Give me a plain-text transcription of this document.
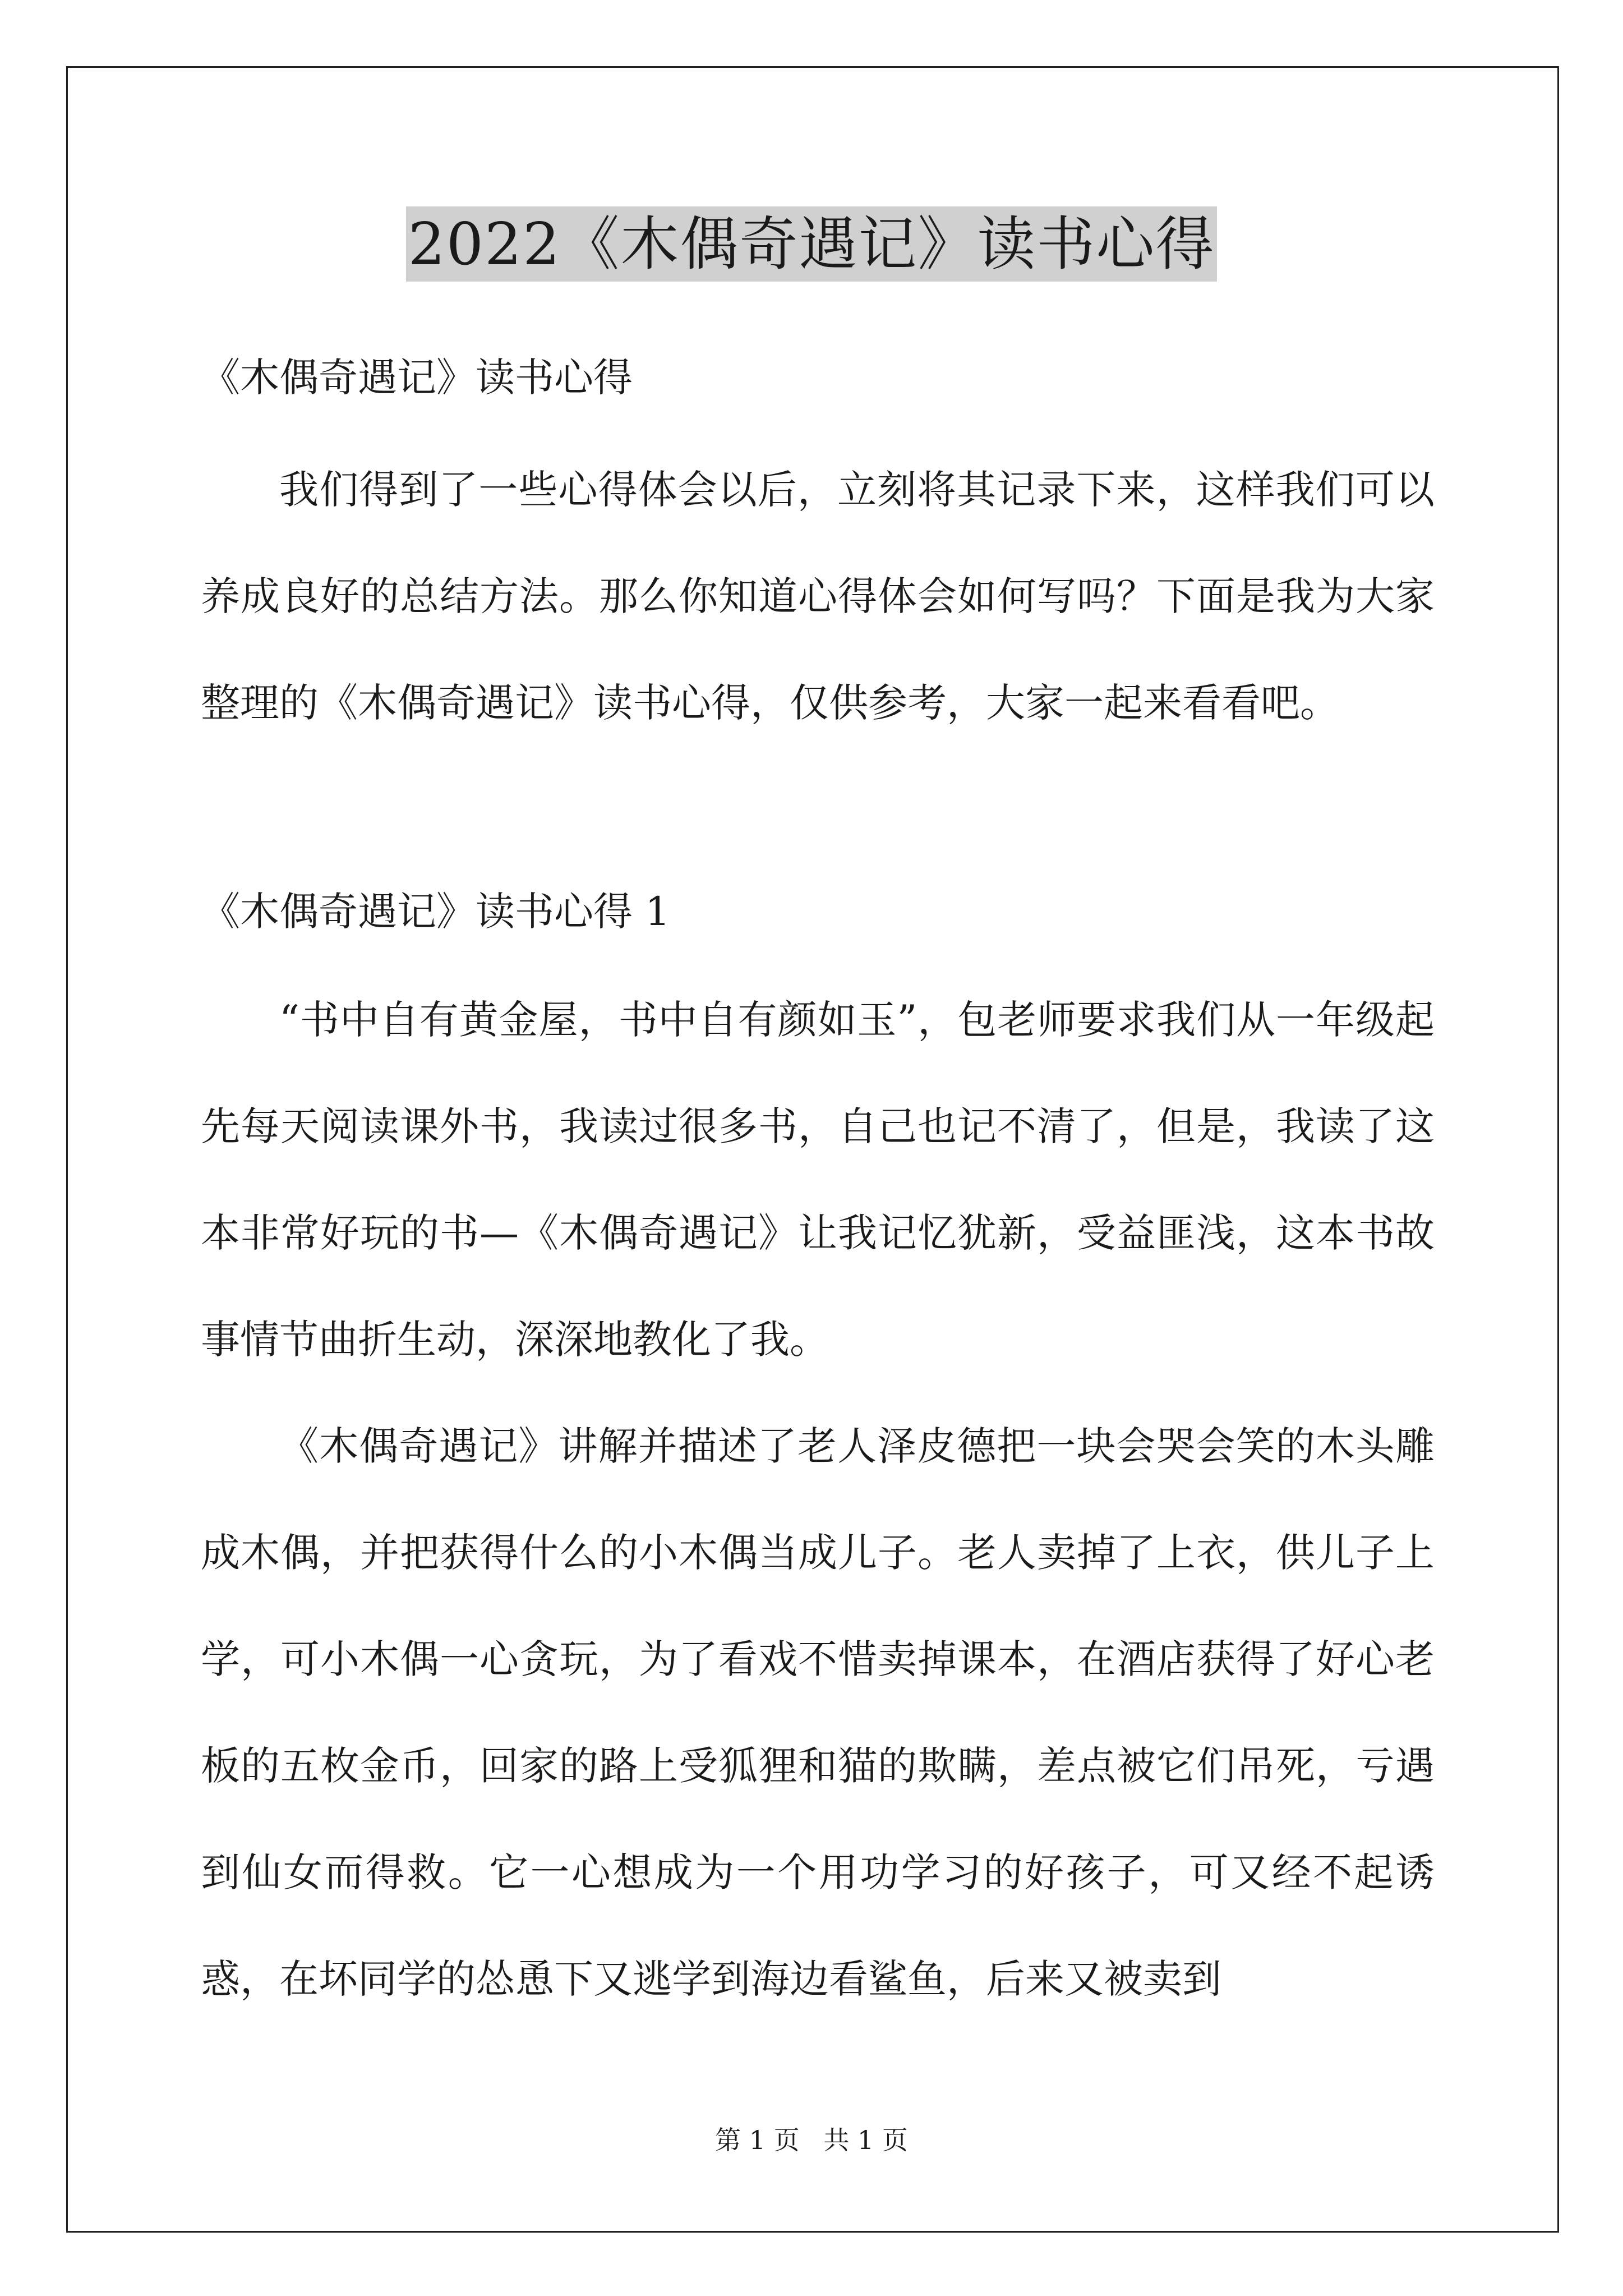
2022《木偶奇遇记》读书心得
《木偶奇遇记》读书心得

我们得到了一些心得体会以后，立刻将其记录下来，这样我们可以养成良好的总结方法。那么你知道心得体会如何写吗？下面是我为大家整理的《木偶奇遇记》读书心得，仅供参考，大家一起来看看吧。

《木偶奇遇记》读书心得 1

“书中自有黄金屋，书中自有颜如玉”，包老师要求我们从一年级起先每天阅读课外书，我读过很多书，自己也记不清了，但是，我读了这本非常好玩的书—《木偶奇遇记》让我记忆犹新，受益匪浅，这本书故事情节曲折生动，深深地教化了我。

《木偶奇遇记》讲解并描述了老人泽皮德把一块会哭会笑的木头雕成木偶，并把获得什么的小木偶当成儿子。老人卖掉了上衣，供儿子上学，可小木偶一心贪玩，为了看戏不惜卖掉课本，在酒店获得了好心老板的五枚金币，回家的路上受狐狸和猫的欺瞒，差点被它们吊死，亏遇到仙女而得救。它一心想成为一个用功学习的好孩子，可又经不起诱惑，在坏同学的怂恿下又逃学到海边看鲨鱼，后来又被卖到

第 1 页 共 1 页
